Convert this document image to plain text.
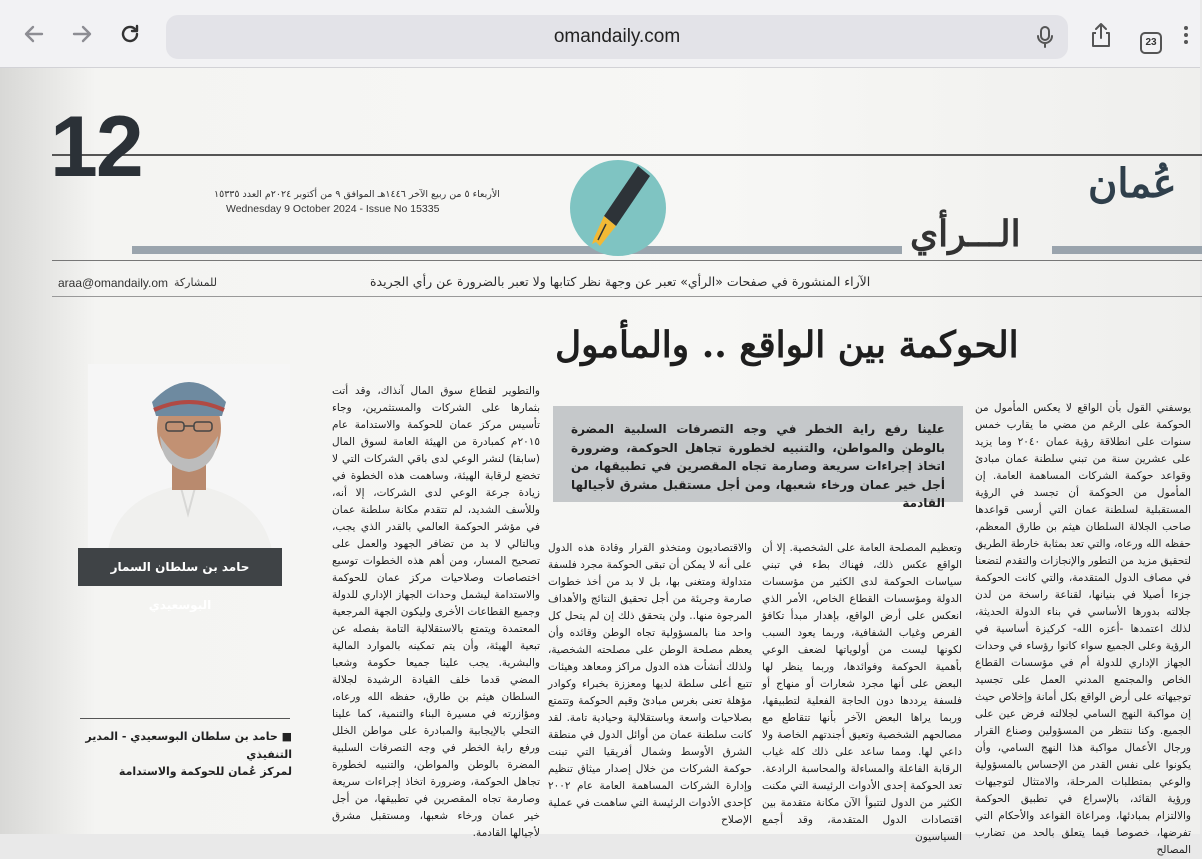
omandaily.com	23
12	الأربعاء ٥ من ربيع الآخر ١٤٤٦هـ الموافق ٩ من أكتوبر ٢٠٢٤م العدد ١٥٣٣٥
Wednesday 9 October 2024 - Issue No 15335
الـــرأي
عُمان
araa@omandaily.om للمشاركة	الآراء المنشورة في صفحات «الرأي» تعبر عن وجهة نظر كتابها ولا تعبر بالضرورة عن رأي الجريدة
الحوكمة بين الواقع .. والمأمول
علينا رفع راية الخطر في وجه التصرفات السلبية المضرة بالوطن والمواطن، والتنبيه لخطورة تجاهل الحوكمة، وضرورة اتخاذ إجراءات سريعة وصارمة تجاه المقصرين في تطبيقها، من أجل خير عمان ورخاء شعبها، ومن أجل مستقبل مشرق لأجيالها القادمة
يوسفني القول بأن الواقع لا يعكس المأمول من الحوكمة على الرغم من مضي ما يقارب خمس سنوات على انطلاقة رؤية عمان ٢٠٤٠ وما يزيد على عشرين سنة من تبني سلطنة عمان مبادئ وقواعد حوكمة الشركات المساهمة العامة. إن المأمول من الحوكمة أن تجسد في الرؤية المستقبلية لسلطنة عمان التي أرسى قواعدها صاحب الجلالة السلطان هيثم بن طارق المعظم، حفظه الله ورعاه، والتي تعد بمثابة خارطة الطريق لتحقيق مزيد من التطور والإنجازات والتقدم لتضعنا في مصاف الدول المتقدمة، والتي كانت الحوكمة جزءا أصيلا في بنيانها، لقناعة راسخة من لدن جلالته بدورها الأساسي في بناء الدولة الحديثة، لذلك اعتمدها -أعزه الله- كركيزة أساسية في الرؤية وعلى الجميع سواء كانوا رؤساء في وحدات الجهاز الإداري للدولة أم في مؤسسات القطاع الخاص والمجتمع المدني العمل على تجسيد توجيهاته على أرض الواقع بكل أمانة وإخلاص حيث إن مواكبة النهج السامي لجلالته فرض عين على الجميع. وكنا ننتظر من المسؤولين وصناع القرار ورجال الأعمال مواكبة هذا النهج السامي، وأن يكونوا على نفس القدر من الإحساس بالمسؤولية والوعي بمتطلبات المرحلة، والامتثال لتوجيهات ورؤية القائد، بالإسراع في تطبيق الحوكمة والالتزام بمبادئها، ومراعاة القواعد والأحكام التي تفرضها، خصوصا فيما يتعلق بالحد من تضارب المصالح
وتعظيم المصلحة العامة على الشخصية. إلا أن الواقع عكس ذلك، فهناك بطء في تبني سياسات الحوكمة لدى الكثير من مؤسسات الدولة ومؤسسات القطاع الخاص، الأمر الذي انعكس على أرض الواقع، بإهدار مبدأ تكافؤ الفرص وغياب الشفافية، وربما يعود السبب لكونها ليست من أولوياتها لضعف الوعي بأهمية الحوكمة وفوائدها، وربما ينظر لها البعض على أنها مجرد شعارات أو منهاج أو فلسفة يرددها دون الحاجة الفعلية لتطبيقها، وربما يراها البعض الآخر بأنها تتقاطع مع مصالحهم الشخصية وتعيق أجندتهم الخاصة ولا داعي لها. ومما ساعد على ذلك كله غياب الرقابة الفاعلة والمساءلة والمحاسبة الرادعة. تعد الحوكمة إحدى الأدوات الرئيسة التي مكنت الكثير من الدول لتتبوأ الآن مكانة متقدمة بين اقتصادات الدول المتقدمة، وقد أجمع السياسيون
والاقتصاديون ومتخذو القرار وقادة هذه الدول على أنه لا يمكن أن تبقى الحوكمة مجرد فلسفة متداولة ومتغنى بها، بل لا بد من أخذ خطوات صارمة وجريئة من أجل تحقيق النتائج والأهداف المرجوة منها.. ولن يتحقق ذلك إن لم يتحل كل واحد منا بالمسؤولية تجاه الوطن وقائده وأن يعظم مصلحة الوطن على مصلحته الشخصية، ولذلك أنشأت هذه الدول مراكز ومعاهد وهيئات تتبع أعلى سلطة لديها ومعززة بخبراء وكوادر مؤهلة تعنى بغرس مبادئ وقيم الحوكمة وتتمتع بصلاحيات واسعة وباستقلالية وحيادية تامة. لقد كانت سلطنة عمان من أوائل الدول في منطقة الشرق الأوسط وشمال أفريقيا التي تبنت حوكمة الشركات من خلال إصدار ميثاق تنظيم وإدارة الشركات المساهمة العامة عام ٢٠٠٢ كإحدى الأدوات الرئيسة التي ساهمت في عملية الإصلاح
والتطوير لقطاع سوق المال آنذاك، وقد أتت بثمارها على الشركات والمستثمرين، وجاء تأسيس مركز عمان للحوكمة والاستدامة عام ٢٠١٥م كمبادرة من الهيئة العامة لسوق المال (سابقا) لنشر الوعي لدى باقي الشركات التي لا تخضع لرقابة الهيئة، وساهمت هذه الخطوة في زيادة جرعة الوعي لدى الشركات، إلا أنه، وللأسف الشديد، لم تتقدم مكانة سلطنة عمان في مؤشر الحوكمة العالمي بالقدر الذي يجب، وبالتالي لا بد من تضافر الجهود والعمل على تصحيح المسار، ومن أهم هذه الخطوات توسيع اختصاصات وصلاحيات مركز عمان للحوكمة والاستدامة ليشمل وحدات الجهاز الإداري للدولة وجميع القطاعات الأخرى وليكون الجهة المرجعية المعتمدة ويتمتع بالاستقلالية التامة بفصله عن تبعية الهيئة، وأن يتم تمكينه بالموارد المالية والبشرية. يجب علينا جميعا حكومة وشعبا المضي قدما خلف القيادة الرشيدة لجلالة السلطان هيثم بن طارق، حفظه الله ورعاه، ومؤازرته في مسيرة البناء والتنمية، كما علينا التحلي بالإيجابية والمبادرة على مواطن الخلل ورفع راية الخطر في وجه التصرفات السلبية المضرة بالوطن والمواطن، والتنبيه لخطورة تجاهل الحوكمة، وضرورة اتخاذ إجراءات سريعة وصارمة تجاه المقصرين في تطبيقها، من أجل خير عمان ورخاء شعبها، ومستقبل مشرق لأجيالها القادمة.
حامد بن سلطان السمار البوسعيدي
■ حامد بن سلطان البوسعيدي - المدير التنفيذي
لمركز عُمان للحوكمة والاستدامة
